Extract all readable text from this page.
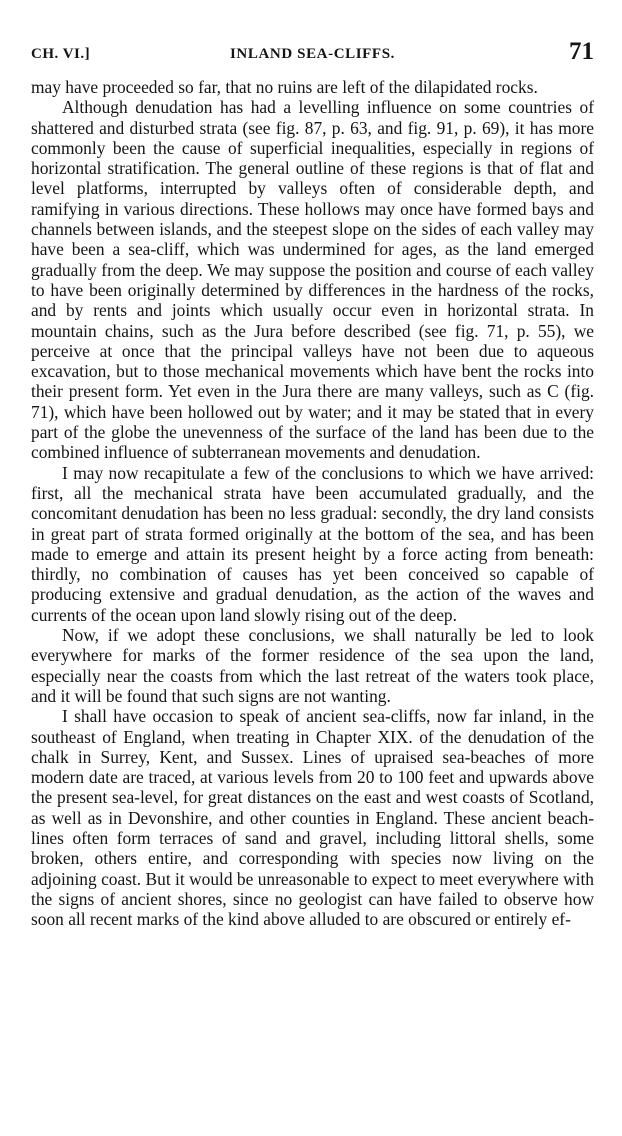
CH. VI.]	INLAND SEA-CLIFFS.	71

may have proceeded so far, that no ruins are left of the dilapidated rocks.

Although denudation has had a levelling influence on some countries of shattered and disturbed strata (see fig. 87, p. 63, and fig. 91, p. 69), it has more commonly been the cause of superficial inequalities, especially in regions of horizontal stratification. The general outline of these regions is that of flat and level platforms, interrupted by valleys often of considerable depth, and ramifying in various directions. These hollows may once have formed bays and channels between islands, and the steepest slope on the sides of each valley may have been a sea-cliff, which was undermined for ages, as the land emerged gradually from the deep. We may suppose the position and course of each valley to have been originally determined by differences in the hardness of the rocks, and by rents and joints which usually occur even in horizontal strata. In mountain chains, such as the Jura before described (see fig. 71, p. 55), we perceive at once that the principal valleys have not been due to aqueous excavation, but to those mechanical movements which have bent the rocks into their present form. Yet even in the Jura there are many valleys, such as C (fig. 71), which have been hollowed out by water; and it may be stated that in every part of the globe the unevenness of the surface of the land has been due to the combined influence of subterranean movements and denudation.

I may now recapitulate a few of the conclusions to which we have arrived: first, all the mechanical strata have been accumulated gradually, and the concomitant denudation has been no less gradual: secondly, the dry land consists in great part of strata formed originally at the bottom of the sea, and has been made to emerge and attain its present height by a force acting from beneath: thirdly, no combination of causes has yet been conceived so capable of producing extensive and gradual denudation, as the action of the waves and currents of the ocean upon land slowly rising out of the deep.

Now, if we adopt these conclusions, we shall naturally be led to look everywhere for marks of the former residence of the sea upon the land, especially near the coasts from which the last retreat of the waters took place, and it will be found that such signs are not wanting.

I shall have occasion to speak of ancient sea-cliffs, now far inland, in the southeast of England, when treating in Chapter XIX. of the denudation of the chalk in Surrey, Kent, and Sussex. Lines of upraised sea-beaches of more modern date are traced, at various levels from 20 to 100 feet and upwards above the present sea-level, for great distances on the east and west coasts of Scotland, as well as in Devonshire, and other counties in England. These ancient beach-lines often form terraces of sand and gravel, including littoral shells, some broken, others entire, and corresponding with species now living on the adjoining coast. But it would be unreasonable to expect to meet everywhere with the signs of ancient shores, since no geologist can have failed to observe how soon all recent marks of the kind above alluded to are obscured or entirely ef-
